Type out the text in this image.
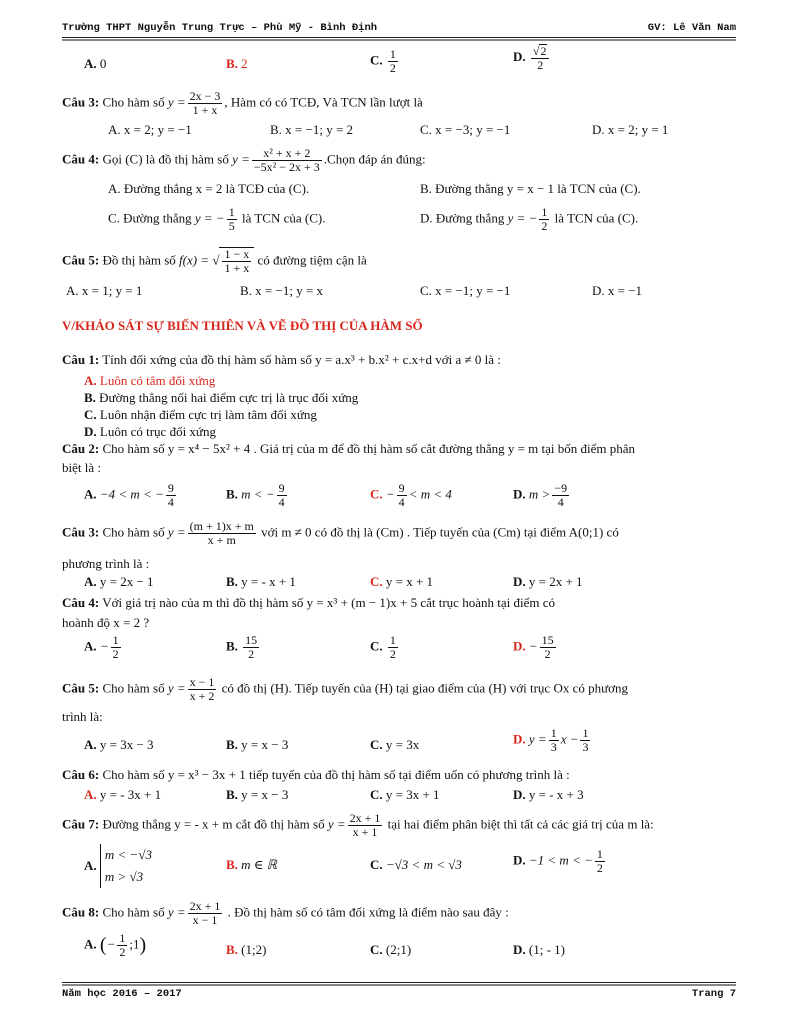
Trường THPT Nguyễn Trung Trực – Phù Mỹ - Bình Định	GV: Lê Văn Nam
A. 0	B. 2	C. $\frac{1}{2}$	D. $\frac{√2}{2}$
Câu 3: Cho hàm số $y = \frac{2x - 3}{1 + x}$ , Hàm có có TCĐ, Và TCN lần lượt là
A. x = 2; y = −1	B. x = −1; y = 2	C. x = −3; y = −1	D. x = 2; y = 1
Câu 4: Gọi (C) là đồ thị hàm số $y = \frac{\text{x² + x + 2}}{\text{−5x² − 2x + 3}}$ .Chọn đáp án đúng:
A. Đường thẳng x = 2 là TCĐ của (C).	B. Đường thẳng y = x − 1 là TCN của (C).
C. Đường thẳng y = − $\frac{1}{5}$ là TCN của (C).	D. Đường thẳng y = − $\frac{1}{2}$ là TCN của (C).
Câu 5: Đồ thị hàm số f(x) = √ $\frac{1 - x}{1 + x}$ có đường tiệm cận là
A. x = 1; y = 1	B. x = −1; y = x	C. x = −1; y = −1	D. x = −1
V/KHẢO SÁT SỰ BIẾN THIÊN VÀ VẼ ĐỒ THỊ CỦA HÀM SỐ
Câu 1: Tính đối xứng của đồ thị hàm số hàm số y = a.x³ + b.x² + c.x+d với a ≠ 0 là :
A. Luôn có tâm đối xứng
B. Đường thẳng nối hai điểm cực trị là trục đối xứng
C. Luôn nhận điểm cực trị làm tâm đối xứng
D. Luôn có trục đối xứng
Câu 2: Cho hàm số y = x⁴ − 5x² + 4 . Giá trị của m để đồ thị hàm số cắt đường thẳng y = m tại bốn điểm phân
biệt là :
A. −4 < m < − $\frac{9}{4}$	B. m < − $\frac{9}{4}$	C. − $\frac{9}{4} < m < 4$	D. $m > \frac{-9}{4}$
Câu 3: Cho hàm số $y = \frac{(m + 1)x + m}{x + m}$ với m ≠ 0 có đồ thị là (Cm) . Tiếp tuyến của (Cm) tại điểm A(0;1) có
phương trình là :
A. y = 2x − 1	B. y = - x + 1	C. y = x + 1	D. y = 2x + 1
Câu 4: Với giá trị nào của m thì đồ thị hàm số y = x³ + (m − 1)x + 5 cắt trục hoành tại điểm có
hoành độ x = 2 ?
A. − $\frac{1}{2}$	B. $\frac{15}{2}$	C. $\frac{1}{2}$	D. − $\frac{15}{2}$
Câu 5: Cho hàm số $y = \frac{x - 1}{x + 2}$ có đồ thị (H). Tiếp tuyến của (H) tại giao điểm của (H) với trục Ox có phương
trình là:
A. y = 3x − 3	B. y = x − 3	C. y = 3x	D. $y = \frac{1}{3}$ $x - \frac{1}{3}$
Câu 6: Cho hàm số y = x³ − 3x + 1 tiếp tuyến của đồ thị hàm số tại điểm uốn có phương trình là :
A. y = - 3x + 1	B. y = x − 3	C. y = 3x + 1	D. y = - x + 3
Câu 7: Đường thẳng y = - x + m cắt đồ thị hàm số $y = \frac{2x + 1}{x + 1}$ tại hai điểm phân biệt thì tất cả các giá trị của m là:
A. m < −√3
m > √3
B. m ∈ ℝ	C. −√3 < m < √3	D. −1 < m < − $\frac{1}{2}$
Câu 8: Cho hàm số $y = \frac{2x + 1}{x - 1}$ . Đồ thị hàm số có tâm đối xứng là điểm nào sau đây :
A. (− $\frac{1}{2}$ ;1)	B. (1;2)	C. (2;1)	D. (1; - 1)
Năm học 2016 – 2017	Trang 7
